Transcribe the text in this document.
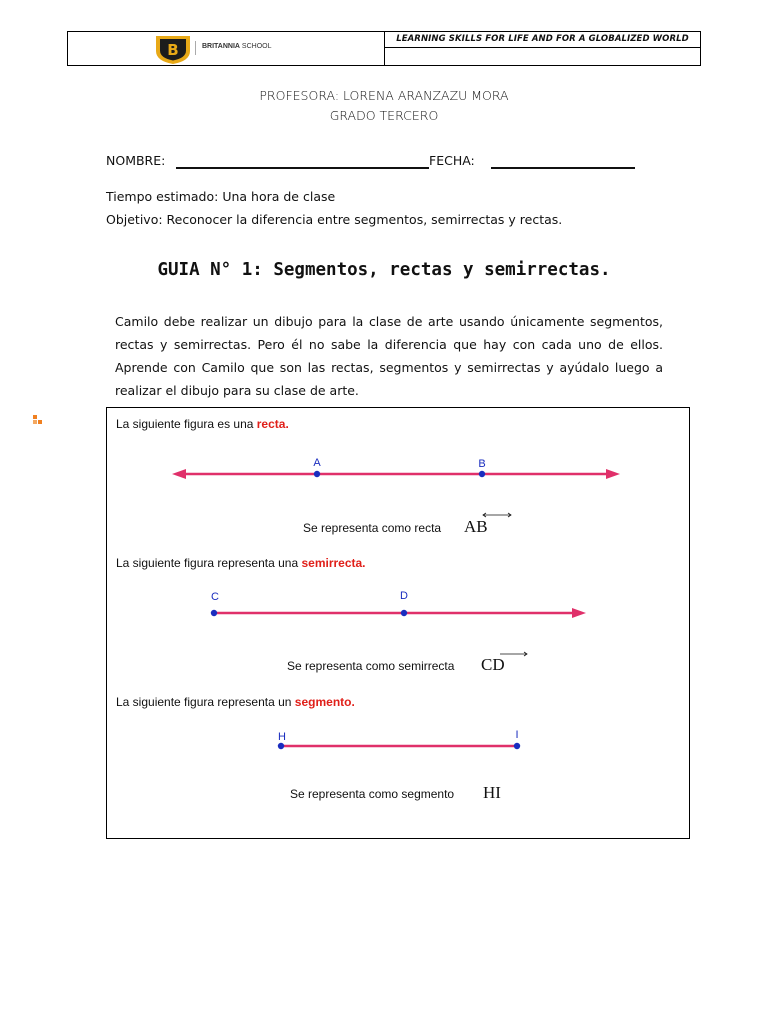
B	BRITANNIA SCHOOL
LEARNING SKILLS FOR LIFE AND FOR A GLOBALIZED WORLD
PROFESORA: LORENA ARANZAZU MORA
GRADO TERCERO
NOMBRE:	FECHA:
Tiempo estimado: Una hora de clase
Objetivo: Reconocer la diferencia entre segmentos, semirrectas y rectas.
GUIA N° 1: Segmentos, rectas y semirrectas.
Camilo debe realizar un dibujo para la clase de arte usando únicamente segmentos,
rectas y semirrectas. Pero él no sabe la diferencia que hay con cada uno de ellos.
Aprende con Camilo que son las rectas, segmentos y semirrectas y ayúdalo luego a
realizar el dibujo para su clase de arte.
La siguiente figura es una recta.
A	B
Se representa como recta AB
La siguiente figura representa una semirrecta.
C	D
Se representa como semirrecta CD
La siguiente figura representa un segmento.
H	I
Se representa como segmento HI
